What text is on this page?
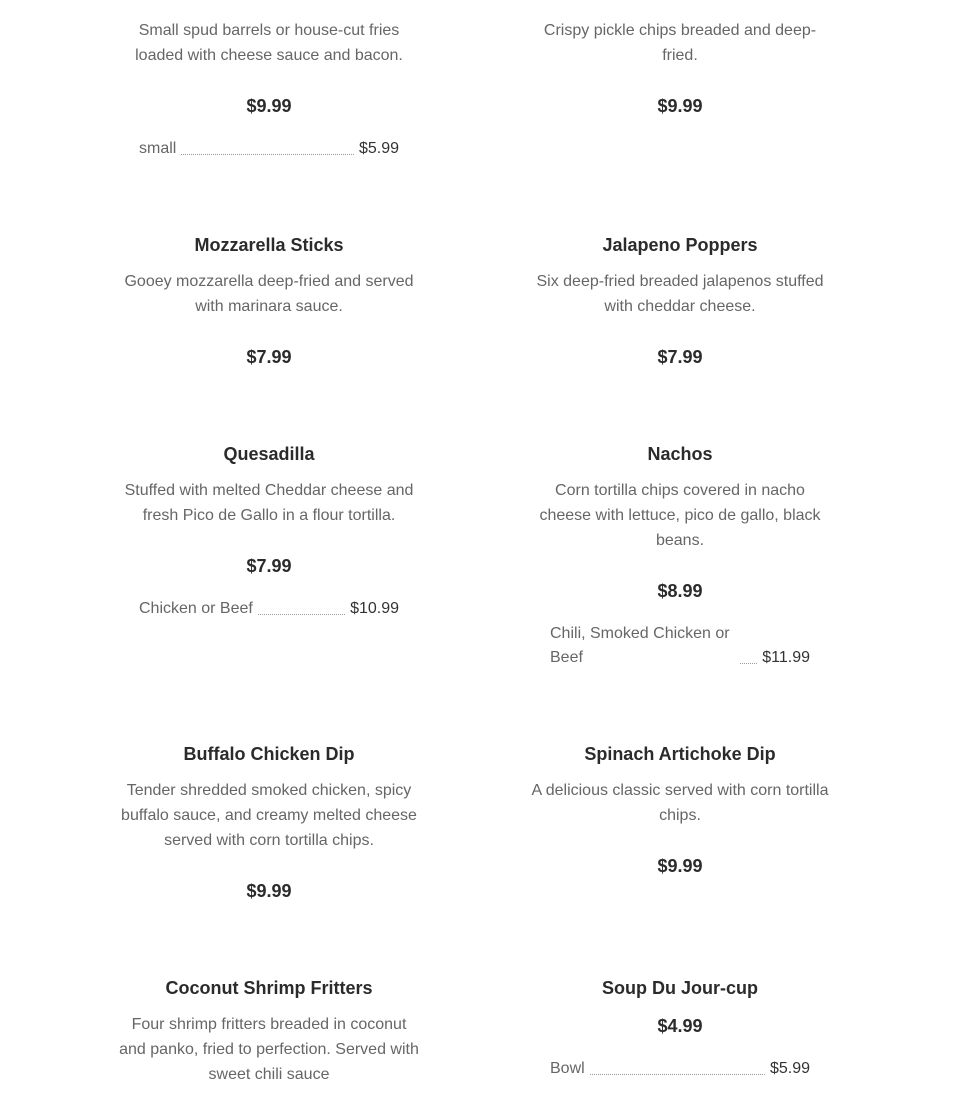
Small spud barrels or house-cut fries loaded with cheese sauce and bacon.

$9.99
small	$5.99
Mozzarella Sticks

Gooey mozzarella deep-fried and served with marinara sauce.

$7.99
Quesadilla

Stuffed with melted Cheddar cheese and fresh Pico de Gallo in a flour tortilla.

$7.99
Chicken or Beef	$10.99
Buffalo Chicken Dip

Tender shredded smoked chicken, spicy buffalo sauce, and creamy melted cheese served with corn tortilla chips.

$9.99
Coconut Shrimp Fritters

Four shrimp fritters breaded in coconut and panko, fried to perfection. Served with sweet chili sauce

Crispy pickle chips breaded and deep-fried.

$9.99
Jalapeno Poppers

Six deep-fried breaded jalapenos stuffed with cheddar cheese.

$7.99
Nachos

Corn tortilla chips covered in nacho cheese with lettuce, pico de gallo, black beans.

$8.99
Chili, Smoked Chicken or Beef	$11.99
Spinach Artichoke Dip

A delicious classic served with corn tortilla chips.

$9.99
Soup Du Jour-cup
$4.99
Bowl	$5.99
